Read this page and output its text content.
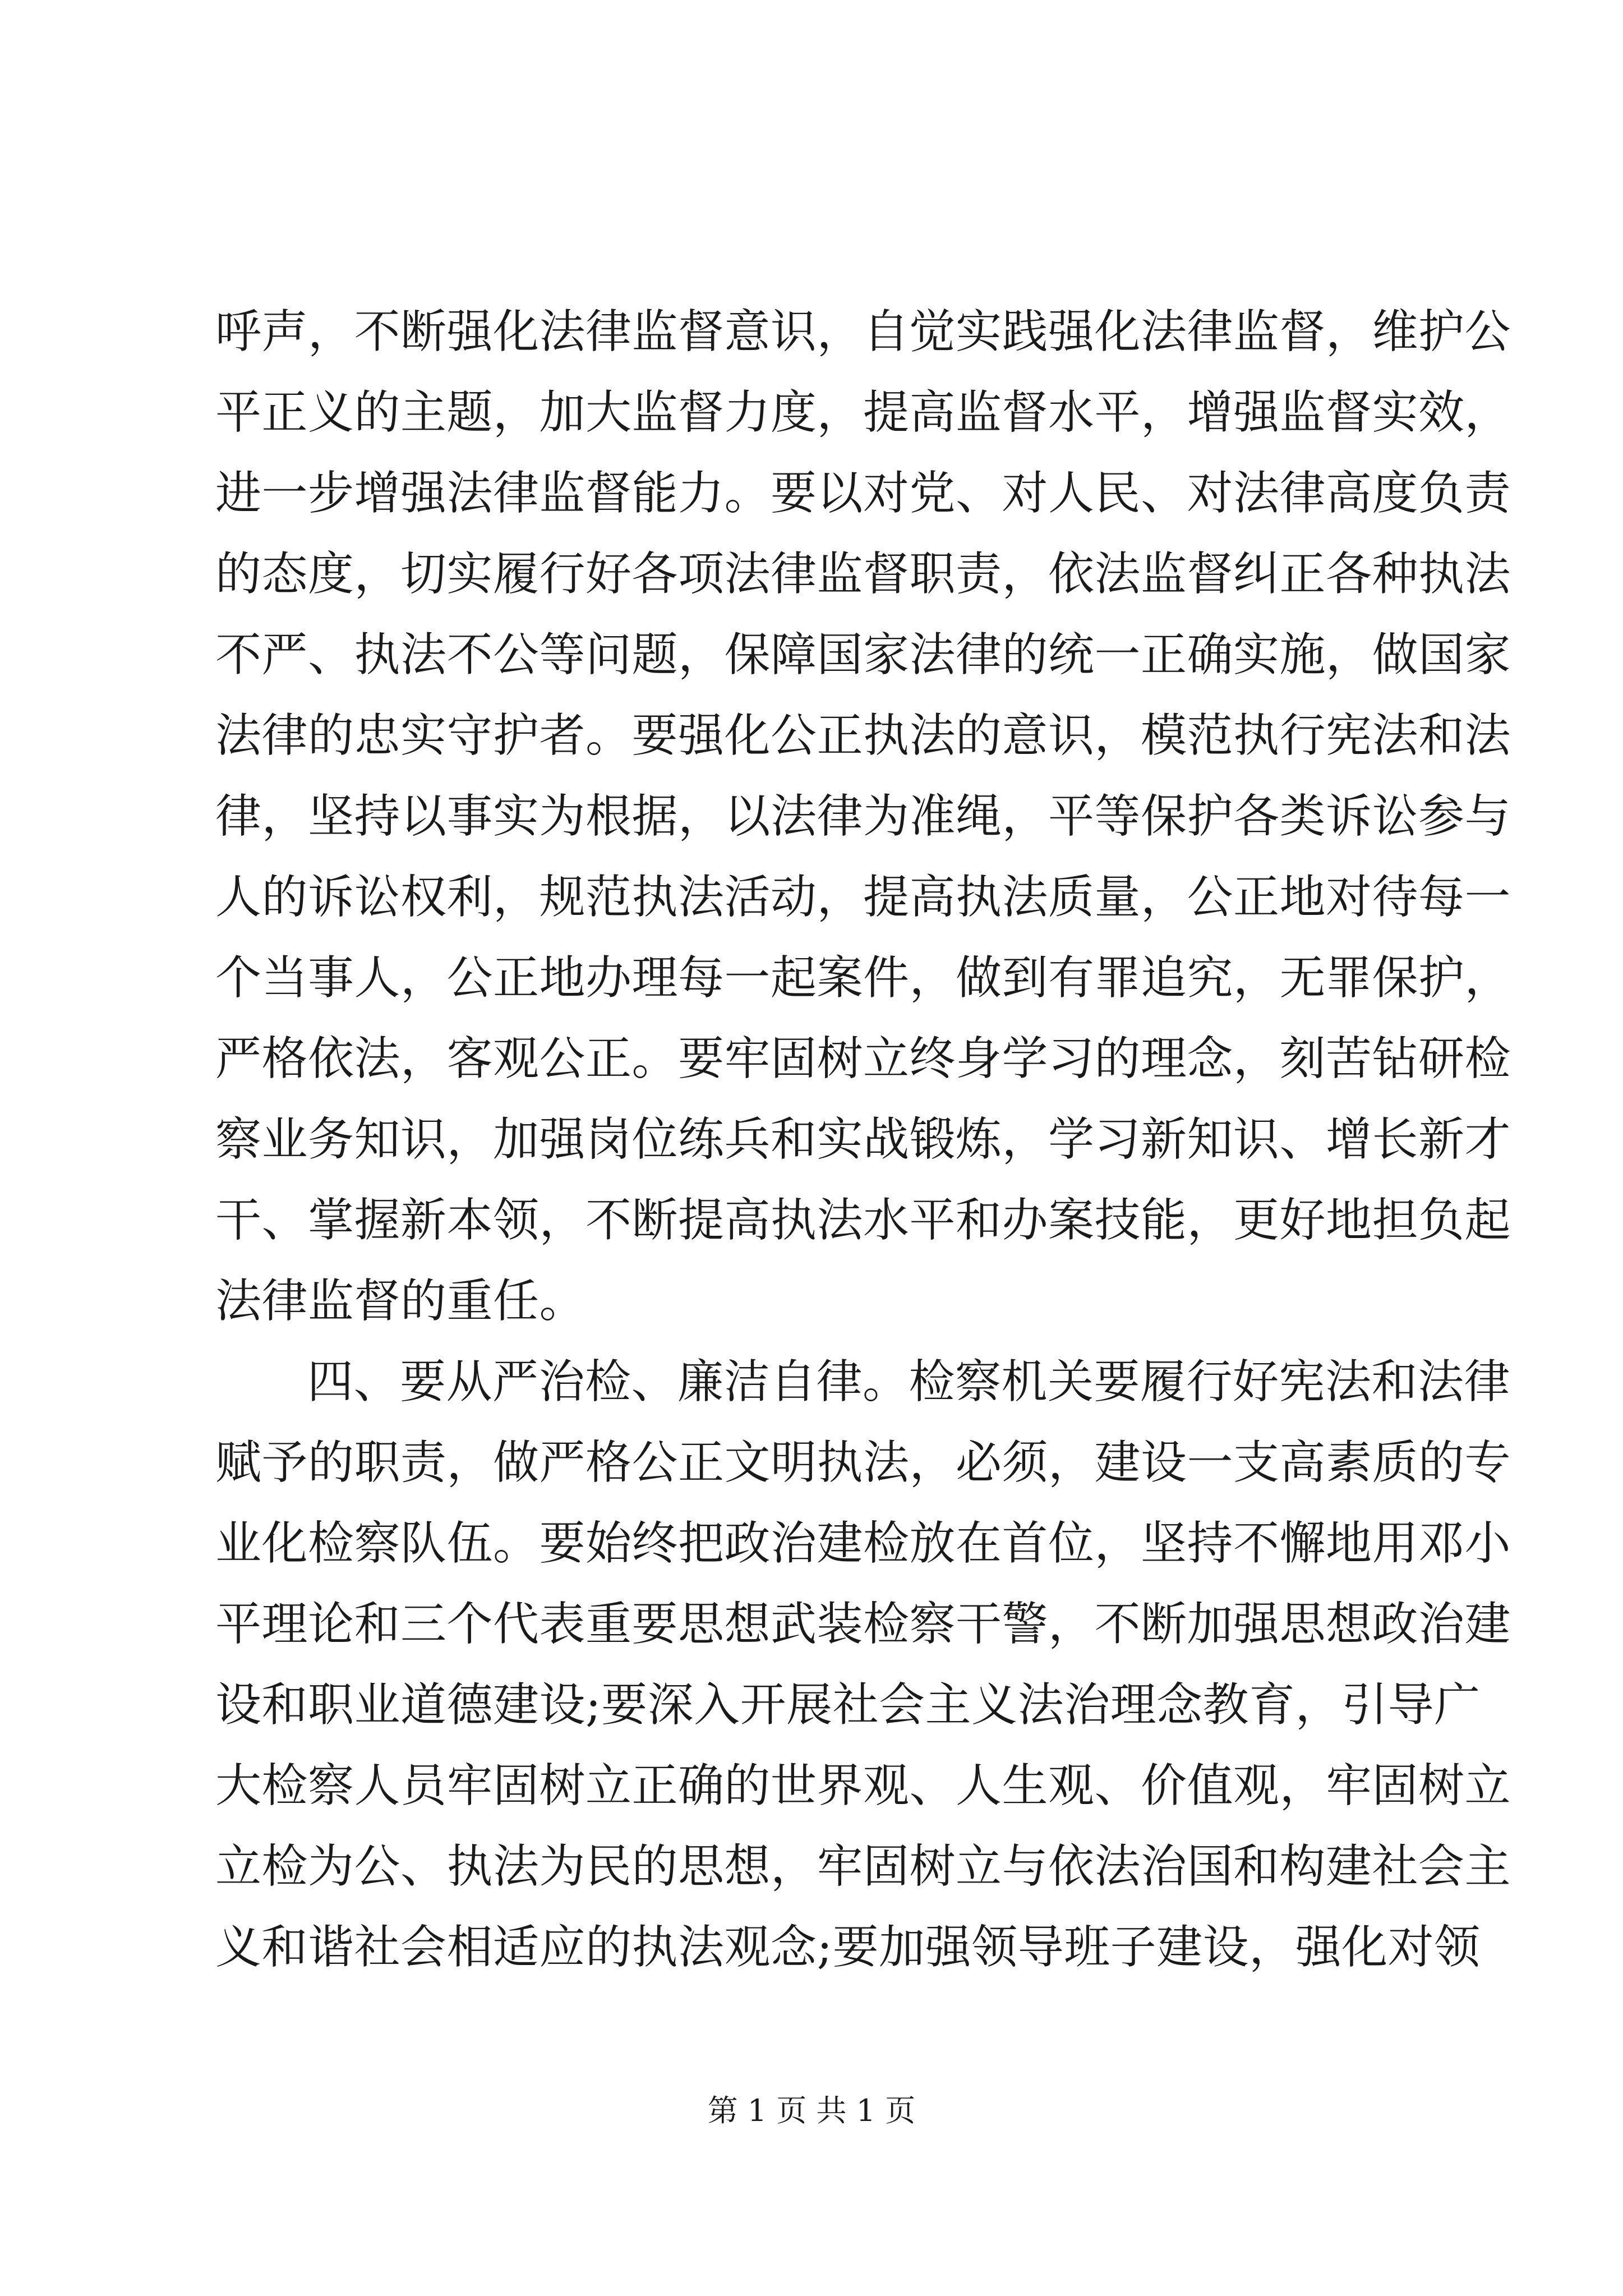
呼声，不断强化法律监督意识，自觉实践强化法律监督，维护公
平正义的主题，加大监督力度，提高监督水平，增强监督实效，
进一步增强法律监督能力。要以对党、对人民、对法律高度负责
的态度，切实履行好各项法律监督职责，依法监督纠正各种执法
不严、执法不公等问题，保障国家法律的统一正确实施，做国家
法律的忠实守护者。要强化公正执法的意识，模范执行宪法和法
律，坚持以事实为根据，以法律为准绳，平等保护各类诉讼参与
人的诉讼权利，规范执法活动，提高执法质量，公正地对待每一
个当事人，公正地办理每一起案件，做到有罪追究，无罪保护，
严格依法，客观公正。要牢固树立终身学习的理念，刻苦钻研检
察业务知识，加强岗位练兵和实战锻炼，学习新知识、增长新才
干、掌握新本领，不断提高执法水平和办案技能，更好地担负起
法律监督的重任。
四、要从严治检、廉洁自律。检察机关要履行好宪法和法律
赋予的职责，做严格公正文明执法，必须，建设一支高素质的专
业化检察队伍。要始终把政治建检放在首位，坚持不懈地用邓小
平理论和三个代表重要思想武装检察干警，不断加强思想政治建
设和职业道德建设;要深入开展社会主义法治理念教育，引导广
大检察人员牢固树立正确的世界观、人生观、价值观，牢固树立
立检为公、执法为民的思想，牢固树立与依法治国和构建社会主
义和谐社会相适应的执法观念;要加强领导班子建设，强化对领
第 1 页 共 1 页
